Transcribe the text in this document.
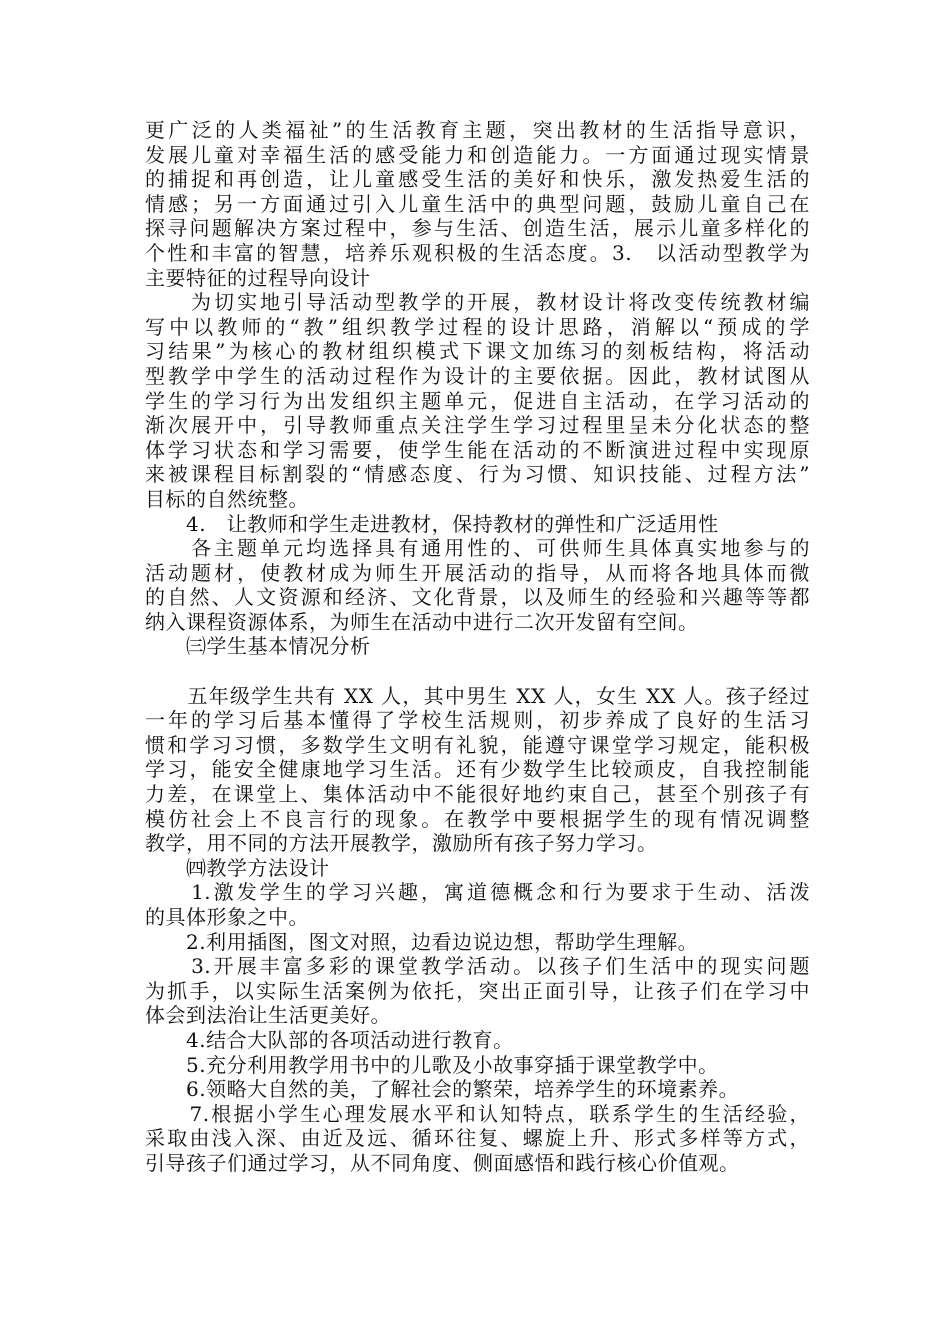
更广泛的人类福祉”的生活教育主题，突出教材的生活指导意识，
发展儿童对幸福生活的感受能力和创造能力。一方面通过现实情景
的捕捉和再创造，让儿童感受生活的美好和快乐，激发热爱生活的
情感；另一方面通过引入儿童生活中的典型问题，鼓励儿童自己在
探寻问题解决方案过程中，参与生活、创造生活，展示儿童多样化的
个性和丰富的智慧，培养乐观积极的生活态度。3.　以活动型教学为
主要特征的过程导向设计
　　为切实地引导活动型教学的开展，教材设计将改变传统教材编
写中以教师的“教”组织教学过程的设计思路，消解以“预成的学
习结果”为核心的教材组织模式下课文加练习的刻板结构，将活动
型教学中学生的活动过程作为设计的主要依据。因此，教材试图从
学生的学习行为出发组织主题单元，促进自主活动，在学习活动的
渐次展开中，引导教师重点关注学生学习过程里呈未分化状态的整
体学习状态和学习需要，使学生能在活动的不断演进过程中实现原
来被课程目标割裂的“情感态度、行为习惯、知识技能、过程方法”
目标的自然统整。
　　4.　让教师和学生走进教材，保持教材的弹性和广泛适用性
　　各主题单元均选择具有通用性的、可供师生具体真实地参与的
活动题材，使教材成为师生开展活动的指导，从而将各地具体而微
的自然、人文资源和经济、文化背景，以及师生的经验和兴趣等等都
纳入课程资源体系，为师生在活动中进行二次开发留有空间。
　　㈢学生基本情况分析
　　五年级学生共有 XX 人，其中男生 XX 人，女生 XX 人。孩子经过
一年的学习后基本懂得了学校生活规则，初步养成了良好的生活习
惯和学习习惯，多数学生文明有礼貌，能遵守课堂学习规定，能积极
学习，能安全健康地学习生活。还有少数学生比较顽皮，自我控制能
力差，在课堂上、集体活动中不能很好地约束自己，甚至个别孩子有
模仿社会上不良言行的现象。在教学中要根据学生的现有情况调整
教学，用不同的方法开展教学，激励所有孩子努力学习。
　　㈣教学方法设计
　　1.激发学生的学习兴趣，寓道德概念和行为要求于生动、活泼
的具体形象之中。
　　2.利用插图，图文对照，边看边说边想，帮助学生理解。
　　3.开展丰富多彩的课堂教学活动。以孩子们生活中的现实问题
为抓手，以实际生活案例为依托，突出正面引导，让孩子们在学习中
体会到法治让生活更美好。
　　4.结合大队部的各项活动进行教育。
　　5.充分利用教学用书中的儿歌及小故事穿插于课堂教学中。
　　6.领略大自然的美，了解社会的繁荣，培养学生的环境素养。
　　7.根据小学生心理发展水平和认知特点，联系学生的生活经验，
采取由浅入深、由近及远、循环往复、螺旋上升、形式多样等方式，
引导孩子们通过学习，从不同角度、侧面感悟和践行核心价值观。
